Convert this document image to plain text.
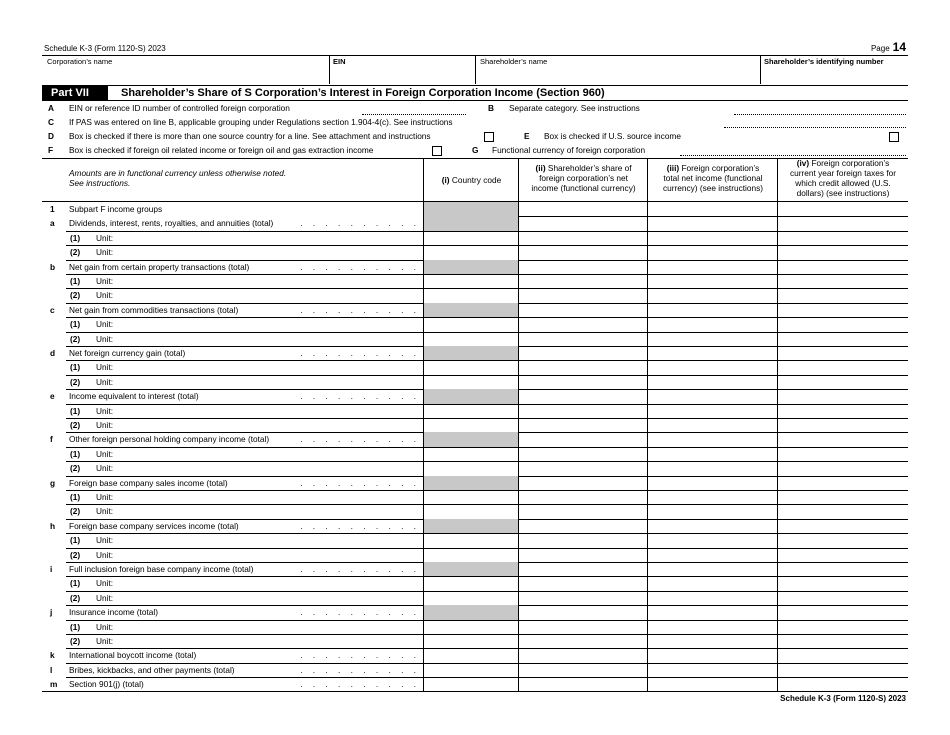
Schedule K-3 (Form 1120-S) 2023	Page 14
Corporation’s name	EIN	Shareholder’s name	Shareholder’s identifying number
Part VII	Shareholder’s Share of S Corporation’s Interest in Foreign Corporation Income (Section 960)
A EIN or reference ID number of controlled foreign corporation	B Separate category. See instructions
C If PAS was entered on line B, applicable grouping under Regulations section 1.904-4(c). See instructions
D Box is checked if there is more than one source country for a line. See attachment and instructions	E Box is checked if U.S. source income
F Box is checked if foreign oil related income or foreign oil and gas extraction income	G Functional currency of foreign corporation
Amounts are in functional currency unless otherwise noted.
See instructions.	(i) Country code
(ii) Shareholder’s share of
foreign corporation’s net
income (functional currency)
(iii) Foreign corporation’s
total net income (functional
currency) (see instructions)
(iv) Foreign corporation’s
current year foreign taxes for
which credit allowed (U.S.
dollars) (see instructions)
1 Subpart F income groups
a Dividends, interest, rents, royalties, and annuities (total)	. . . . . . . . . .
(1) Unit:
(2) Unit:
b Net gain from certain property transactions (total)	. . . . . . . . . .
(1) Unit:
(2) Unit:
c Net gain from commodities transactions (total)	. . . . . . . . . .
(1) Unit:
(2) Unit:
d Net foreign currency gain (total)	. . . . . . . . . .
(1) Unit:
(2) Unit:
e Income equivalent to interest (total)	. . . . . . . . . .
(1) Unit:
(2) Unit:
f Other foreign personal holding company income (total)	. . . . . . . . . .
(1) Unit:
(2) Unit:
g Foreign base company sales income (total)	. . . . . . . . . .
(1) Unit:
(2) Unit:
h Foreign base company services income (total)	. . . . . . . . . .
(1) Unit:
(2) Unit:
i Full inclusion foreign base company income (total)	. . . . . . . . . .
(1) Unit:
(2) Unit:
j Insurance income (total)	. . . . . . . . . .
(1) Unit:
(2) Unit:
k International boycott income (total)	. . . . . . . . . .
l Bribes, kickbacks, and other payments (total)	. . . . . . . . . .
m Section 901(j) (total)	. . . . . . . . . .
Schedule K-3 (Form 1120-S) 2023
